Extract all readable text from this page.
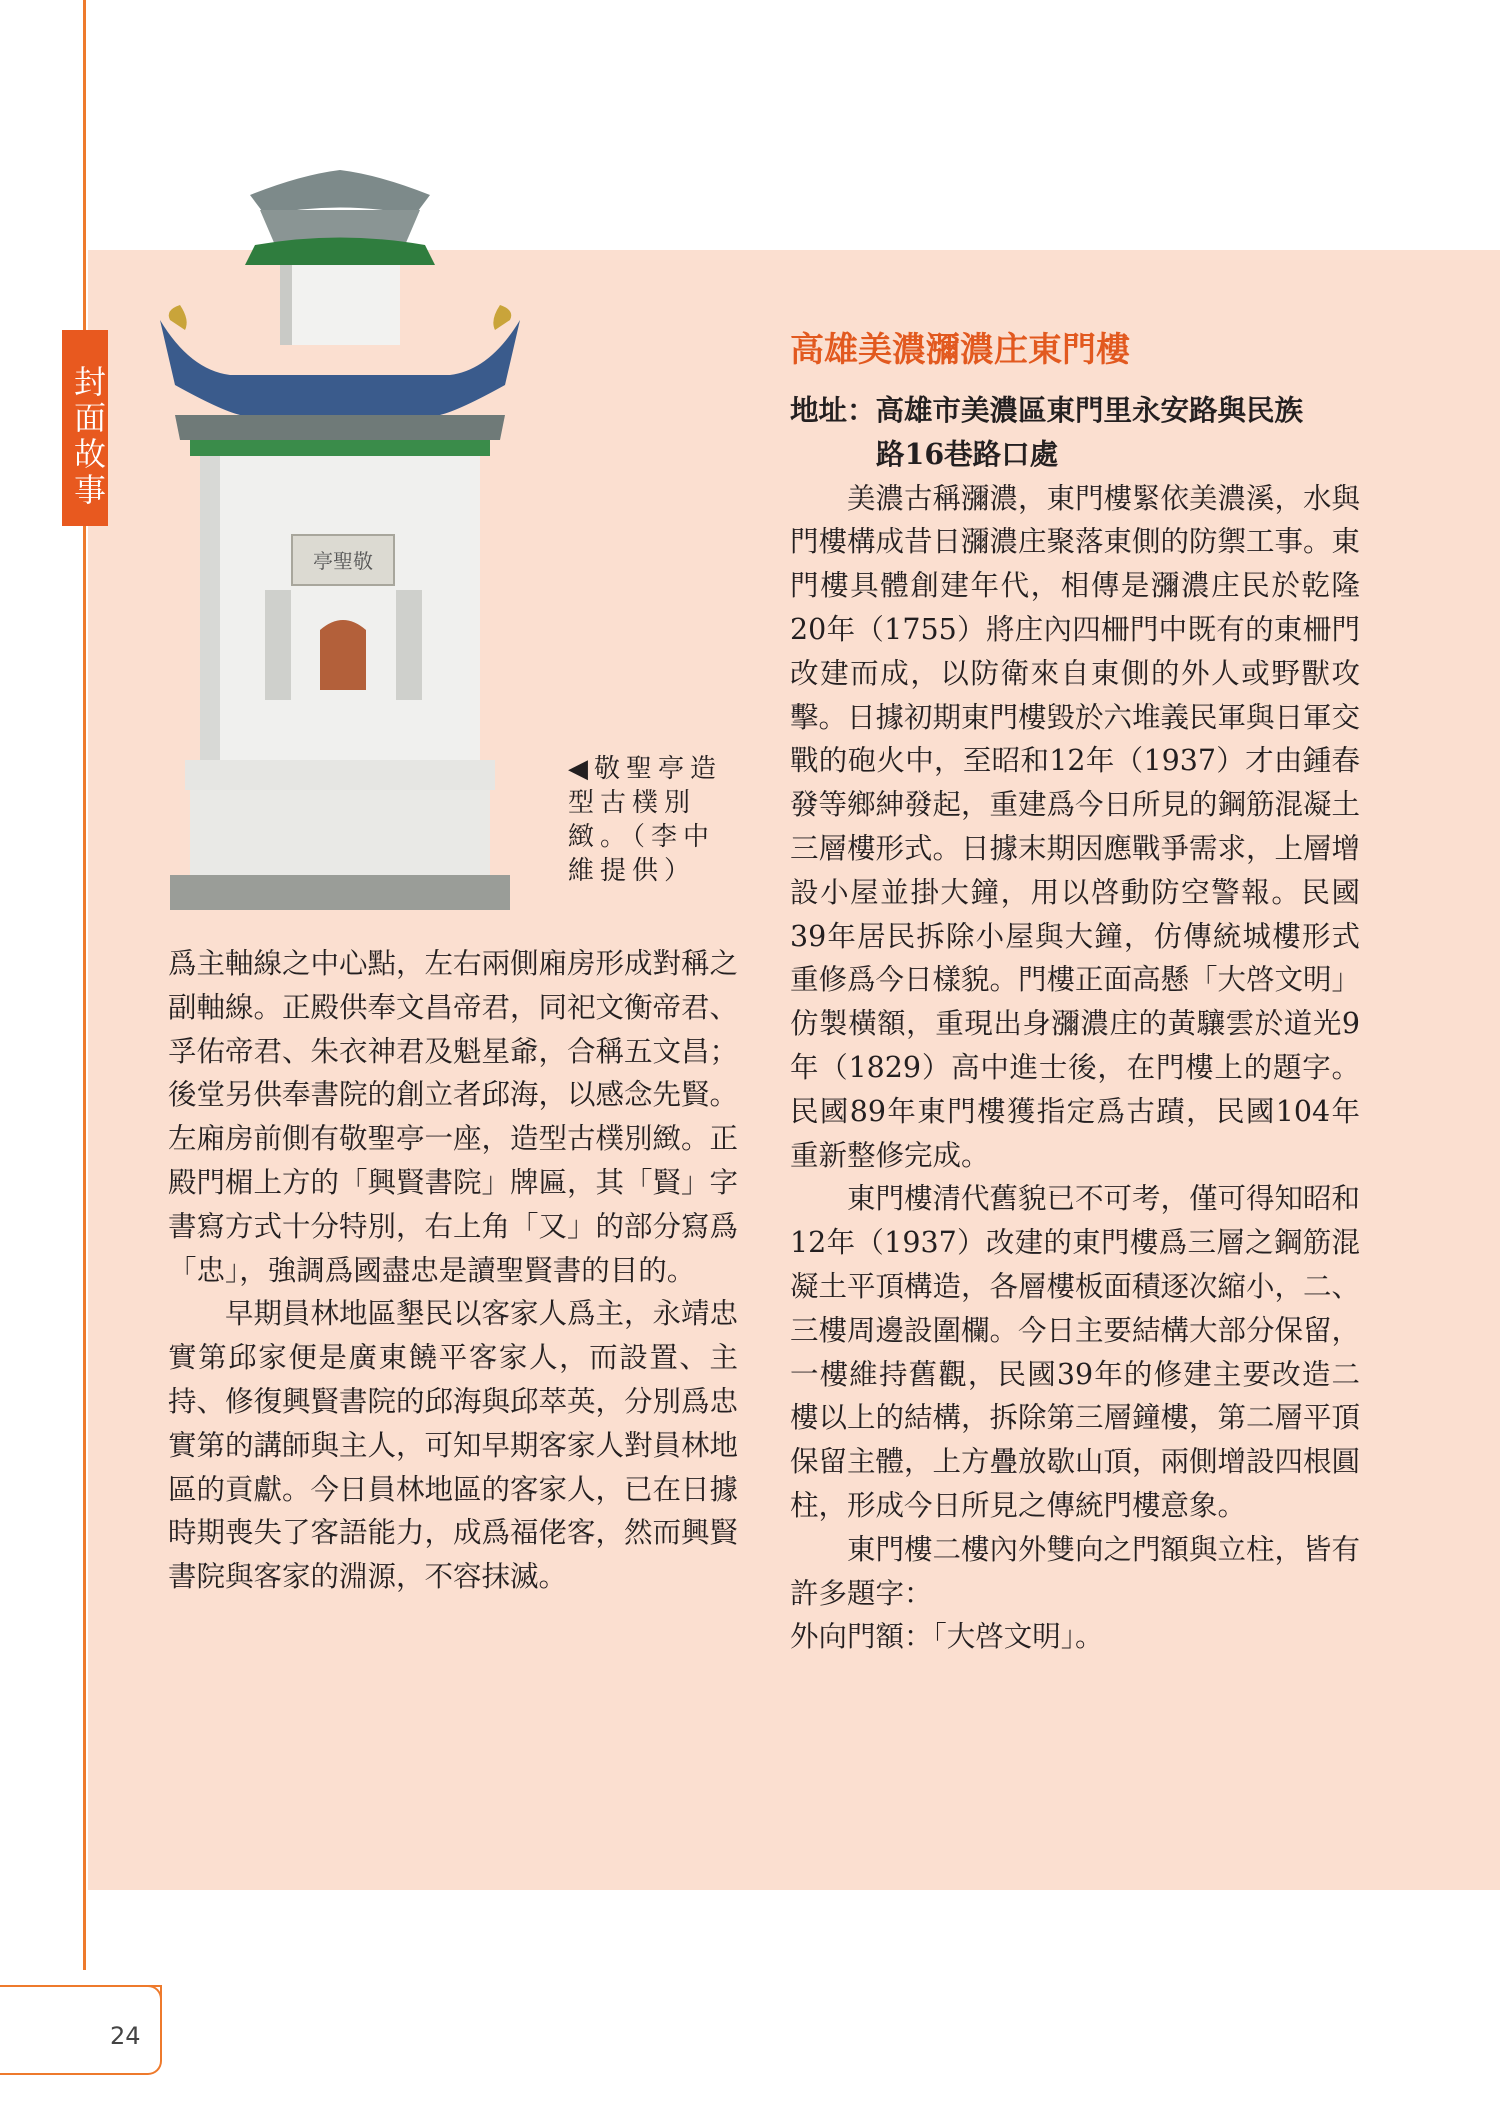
封面故事
亭聖敬
◀敬聖亭造型古樸別緻。（李中維提供）

爲主軸線之中心點，左右兩側廂房形成對稱之副軸線。正殿供奉文昌帝君，同祀文衡帝君、孚佑帝君、朱衣神君及魁星爺，合稱五文昌；後堂另供奉書院的創立者邱海，以感念先賢。左廂房前側有敬聖亭一座，造型古樸別緻。正殿門楣上方的「興賢書院」牌匾，其「賢」字書寫方式十分特別，右上角「又」的部分寫爲「忠」，強調爲國盡忠是讀聖賢書的目的。

早期員林地區墾民以客家人爲主，永靖忠實第邱家便是廣東饒平客家人，而設置、主持、修復興賢書院的邱海與邱萃英，分別爲忠實第的講師與主人，可知早期客家人對員林地區的貢獻。今日員林地區的客家人，已在日據時期喪失了客語能力，成爲福佬客，然而興賢書院與客家的淵源，不容抹滅。

高雄美濃瀰濃庄東門樓

地址：高雄市美濃區東門里永安路與民族

路16巷路口處

美濃古稱瀰濃，東門樓緊依美濃溪，水與門樓構成昔日瀰濃庄聚落東側的防禦工事。東門樓具體創建年代，相傳是瀰濃庄民於乾隆20年（1755）將庄內四柵門中既有的東柵門改建而成，以防衛來自東側的外人或野獸攻擊。日據初期東門樓毀於六堆義民軍與日軍交戰的砲火中，至昭和12年（1937）才由鍾春發等鄉紳發起，重建爲今日所見的鋼筋混凝土三層樓形式。日據末期因應戰爭需求，上層增設小屋並掛大鐘，用以啓動防空警報。民國39年居民拆除小屋與大鐘，仿傳統城樓形式重修爲今日樣貌。門樓正面高懸「大啓文明」仿製橫額，重現出身瀰濃庄的黃驤雲於道光9年（1829）高中進士後，在門樓上的題字。民國89年東門樓獲指定爲古蹟，民國104年重新整修完成。

東門樓清代舊貌已不可考，僅可得知昭和12年（1937）改建的東門樓爲三層之鋼筋混凝土平頂構造，各層樓板面積逐次縮小，二、三樓周邊設圍欄。今日主要結構大部分保留，一樓維持舊觀，民國39年的修建主要改造二樓以上的結構，拆除第三層鐘樓，第二層平頂保留主體，上方疊放歇山頂，兩側增設四根圓柱，形成今日所見之傳統門樓意象。

東門樓二樓內外雙向之門額與立柱，皆有許多題字：

外向門額：「大啓文明」。

24
